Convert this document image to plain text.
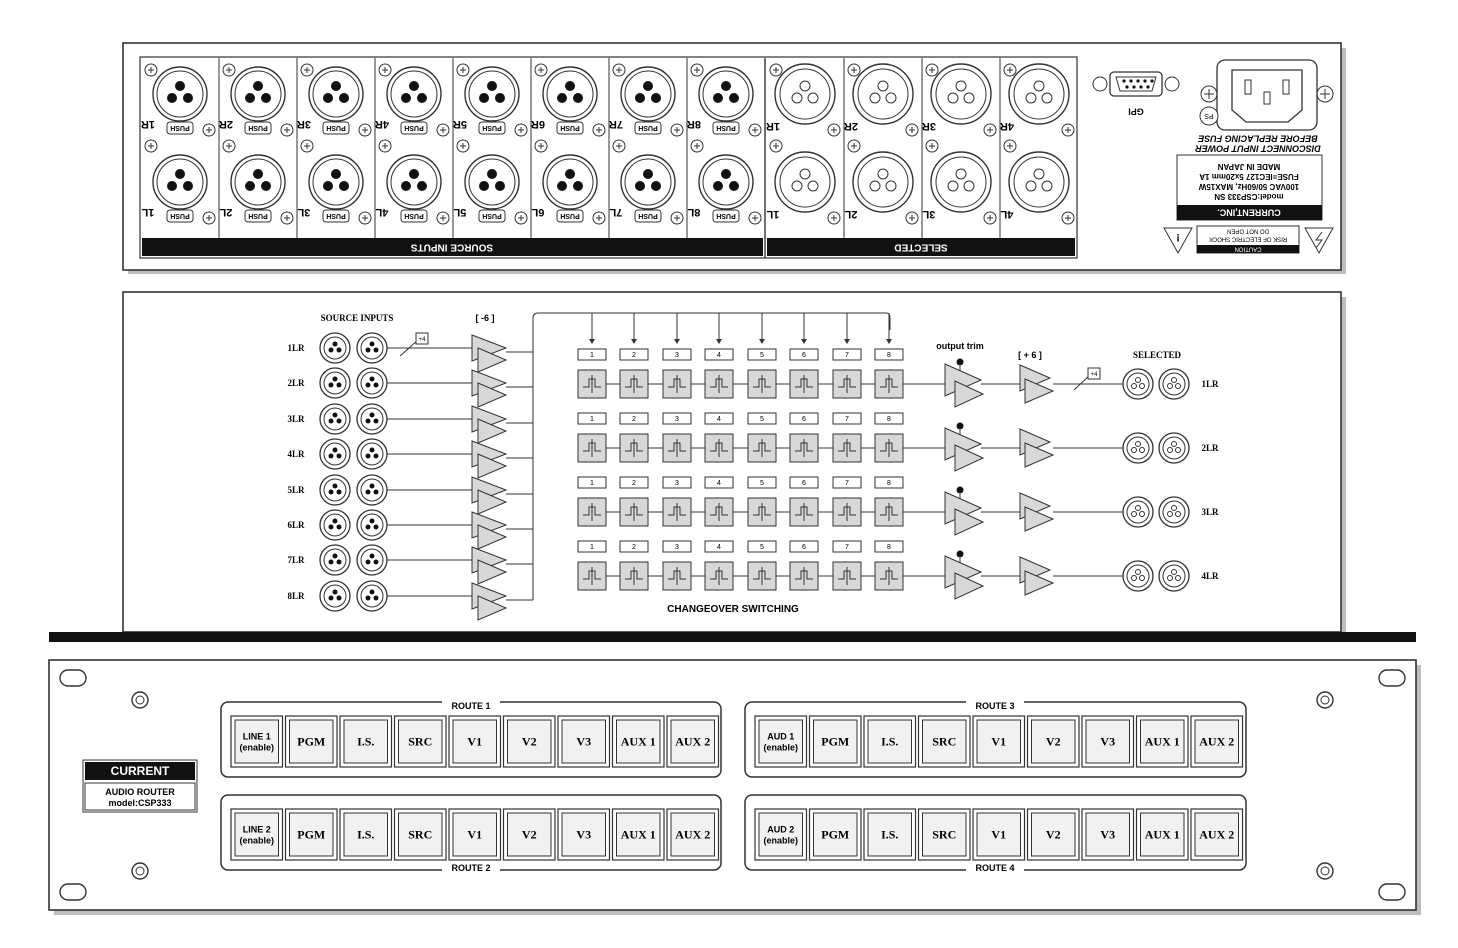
PUSH
1R
PUSH
1L
PUSH
2R
PUSH
2L
PUSH
3R
PUSH
3L
PUSH
4R
PUSH
4L
PUSH
5R
PUSH
5L
PUSH
6R
PUSH
6L
PUSH
7R
PUSH
7L
PUSH
8R
PUSH
8L
1R
1L
2R
2L
3R
3L
4R
4L
SOURCE INPUTS	SELECTED
GPI	PS
DISCONNECT INPUT POWER
BEFORE REPLACING FUSE
CURRENT,INC.
MADE IN JAPAN
FUSE=IEC127 5x20mm 1A
100VAC 50/60Hz, MAX15W
model:CSP333 SN
!
CAUTION
RISK OF ELECTRIC SHOCK
DO NOT OPEN
SOURCE INPUTS	[ -6 ]
output trim
[ + 6 ]	SELECTED
CHANGEOVER SWITCHING
1LR
2LR
3LR
4LR
5LR
6LR
7LR
8LR
+4
1	2	3	4	5	6	7	8
1LR
1	2	3	4	5	6	7	8
2LR
1	2	3	4	5	6	7	8
3LR
1	2	3	4	5	6	7	8
4LR
+4
CURRENT
AUDIO ROUTER
model:CSP333
ROUTE 1
LINE 1
(enable) PGM	I.S.	SRC	V1	V2	V3 AUX 1 AUX 2
ROUTE 2
LINE 2
(enable) PGM	I.S.	SRC	V1	V2	V3 AUX 1 AUX 2
ROUTE 3
AUD 1
(enable) PGM	I.S.	SRC	V1	V2	V3 AUX 1 AUX 2
ROUTE 4
AUD 2
(enable) PGM	I.S.	SRC	V1	V2	V3 AUX 1 AUX 2
